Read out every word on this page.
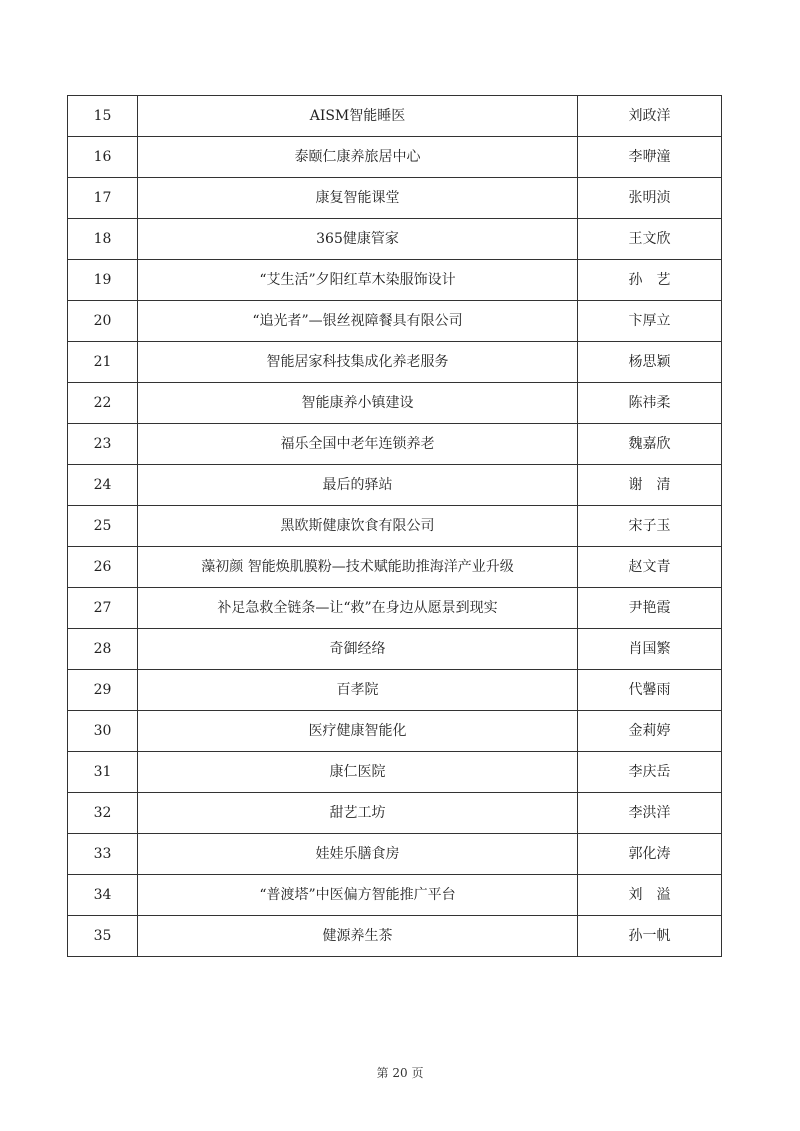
15	AISM智能睡医	刘政洋
16	泰颐仁康养旅居中心	李咿潼
17	康复智能课堂	张明浈
18	365健康管家	王文欣
19	“艾生活”夕阳红草木染服饰设计	孙　艺
20	“追光者”—银丝视障餐具有限公司	卞厚立
21	智能居家科技集成化养老服务	杨思颖
22	智能康养小镇建设	陈祎柔
23	福乐全国中老年连锁养老	魏嘉欣
24	最后的驿站	谢　清
25	黑欧斯健康饮食有限公司	宋子玉
26	藻初颜 智能焕肌膜粉—技术赋能助推海洋产业升级	赵文青
27	补足急救全链条—让“救”在身边从愿景到现实	尹艳霞
28	奇御经络	肖国繁
29	百孝院	代馨雨
30	医疗健康智能化	金莉婷
31	康仁医院	李庆岳
32	甜艺工坊	李洪洋
33	娃娃乐膳食房	郭化涛
34	“普渡塔”中医偏方智能推广平台	刘　溢
35	健源养生茶	孙一帆
第 20 页
